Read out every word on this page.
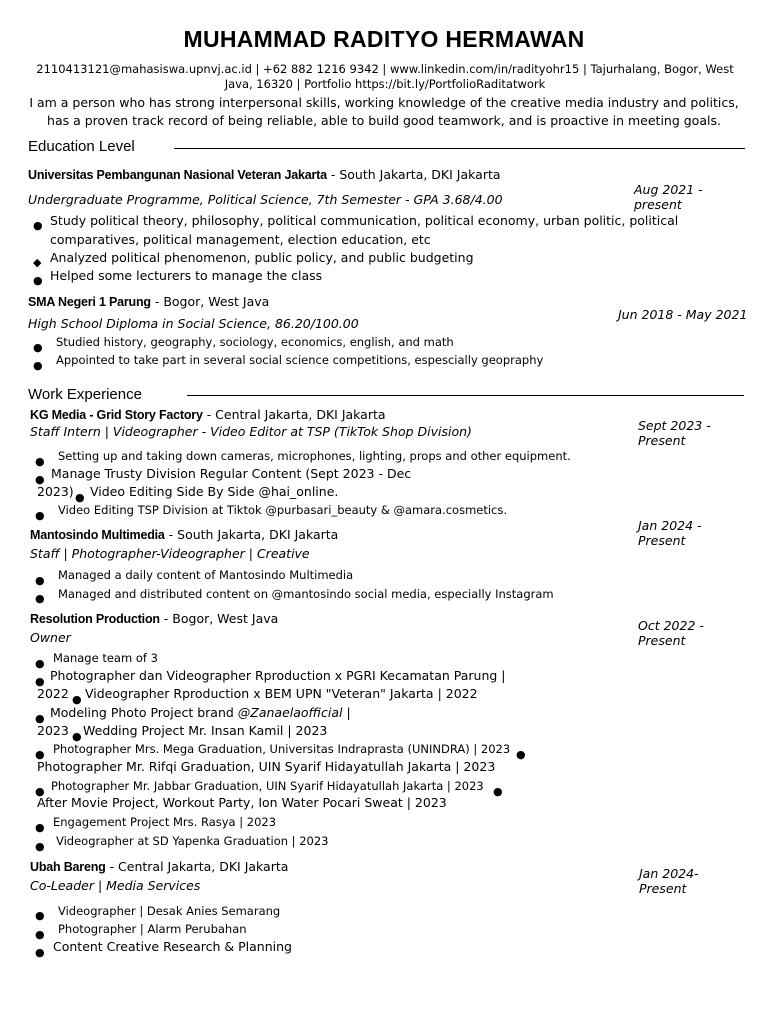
MUHAMMAD RADITYO HERMAWAN
2110413121@mahasiswa.upnvj.ac.id | +62 882 1216 9342 | www.linkedin.com/in/radityohr15 | Tajurhalang, Bogor, West Java, 16320 | Portfolio https://bit.ly/PortfolioRaditatwork
I am a person who has strong interpersonal skills, working knowledge of the creative media industry and politics, has a proven track record of being reliable, able to build good teamwork, and is proactive in meeting goals.
Education Level
Universitas Pembangunan Nasional Veteran Jakarta - South Jakarta, DKI Jakarta
Undergraduate Programme, Political Science, 7th Semester - GPA 3.68/4.00
Aug 2021 -
present
● Study political theory, philosophy, political communication, political economy, urban politic, political
comparatives, political management, election education, etc
◆ Analyzed political phenomenon, public policy, and public budgeting
● Helped some lecturers to manage the class
SMA Negeri 1 Parung - Bogor, West Java
High School Diploma in Social Science, 86.20/100.00
Jun 2018 - May 2021
● Studied history, geography, sociology, economics, english, and math
● Appointed to take part in several social science competitions, espescially geopraphy
Work Experience
KG Media - Grid Story Factory - Central Jakarta, DKI Jakarta
Staff Intern | Videographer - Video Editor at TSP (TikTok Shop Division)	Sept 2023 -
Present
● Setting up and taking down cameras, microphones, lighting, props and other equipment.
● Manage Trusty Division Regular Content (Sept 2023 - Dec
2023) ● Video Editing Side By Side @hai_online.
● Video Editing TSP Division at Tiktok @purbasari_beauty & @amara.cosmetics.
Mantosindo Multimedia - South Jakarta, DKI Jakarta
Staff | Photographer-Videographer | Creative
Jan 2024 -
Present
● Managed a daily content of Mantosindo Multimedia
● Managed and distributed content on @mantosindo social media, especially Instagram
Resolution Production - Bogor, West Java
Owner
Oct 2022 -
Present
● Manage team of 3
● Photographer dan Videographer Rproduction x PGRI Kecamatan Parung |
2022 ● Videographer Rproduction x BEM UPN "Veteran" Jakarta | 2022
● Modeling Photo Project brand @Zanaelaofficial |
2023 ● Wedding Project Mr. Insan Kamil | 2023
● Photographer Mrs. Mega Graduation, Universitas Indraprasta (UNINDRA) | 2023 ●
Photographer Mr. Rifqi Graduation, UIN Syarif Hidayatullah Jakarta | 2023
● Photographer Mr. Jabbar Graduation, UIN Syarif Hidayatullah Jakarta | 2023 ●
After Movie Project, Workout Party, Ion Water Pocari Sweat | 2023
● Engagement Project Mrs. Rasya | 2023
● Videographer at SD Yapenka Graduation | 2023
Ubah Bareng - Central Jakarta, DKI Jakarta
Co-Leader | Media Services
Jan 2024-
Present
● Videographer | Desak Anies Semarang
● Photographer | Alarm Perubahan
● Content Creative Research & Planning
